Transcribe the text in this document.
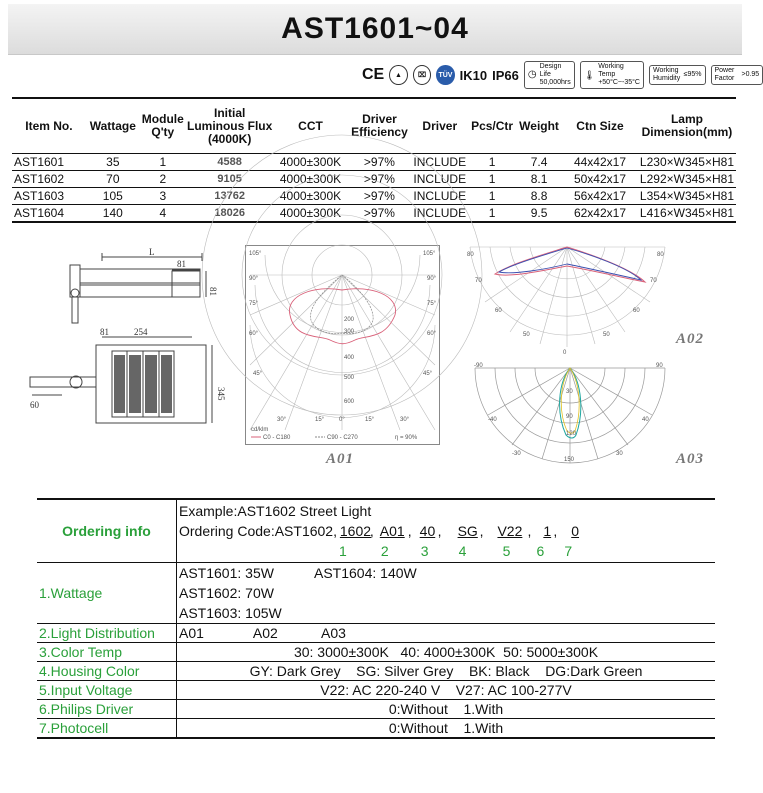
AST1601~04
CE	▲	⌧	TÜV IK10 IP66 ◷
Design Life
50,000hrs
🌡
Working Temp
+50°C~-35°C
Working Humidity
≤95%
Power Factor
>0.95
Item No.	Wattage	Module Q'ty	Initial Luminous Flux (4000K)	CCT	Driver Efficiency	Driver	Pcs/Ctr	Weight	Ctn Size	Lamp Dimension(mm)
AST1601	35	1	4588	4000±300K	>97%	INCLUDE	1	7.4	44x42x17	L230×W345×H81
AST1602	70	2	9105	4000±300K	>97%	INCLUDE	1	8.1	50x42x17	L292×W345×H81
AST1603	105	3	13762	4000±300K	>97%	INCLUDE	1	8.8	56x42x17	L354×W345×H81
AST1604	140	4	18026	4000±300K	>97%	INCLUDE	1	9.5	62x42x17	L416×W345×H81
L
81
81
81	254
345
60
105°	105°
90°	90°
75°	75°
60°	60°
45°	45°
30°	30°
15° 0°	15°
300
400
500
600
200
cd/klm
C0 - C180	C90 - C270	η = 90%
A01
80	80
70	70
60	60
50	50
0
A02
-90	90
-40	40
-30	30
150
30
90
120
A03
Ordering info	Example:AST1602 Street Light
Ordering Code:AST1602, 1602, A01 , 40 , SG , V22 , 1 , 0
1 2 3 4 5 6 7

1.Wattage	AST1601: 35W AST1604: 140W
AST1602: 70W
AST1603: 105W

2.Light Distribution	A01 A02 A03
3.Color Temp	30: 3000±300K   40: 4000±300K  50: 5000±300K
4.Housing Color	GY: Dark Grey    SG: Silver Grey    BK: Black    DG:Dark Green
5.Input Voltage	V22: AC 220-240 V    V27: AC 100-277V
6.Philips Driver	0:Without    1.With
7.Photocell	0:Without    1.With
